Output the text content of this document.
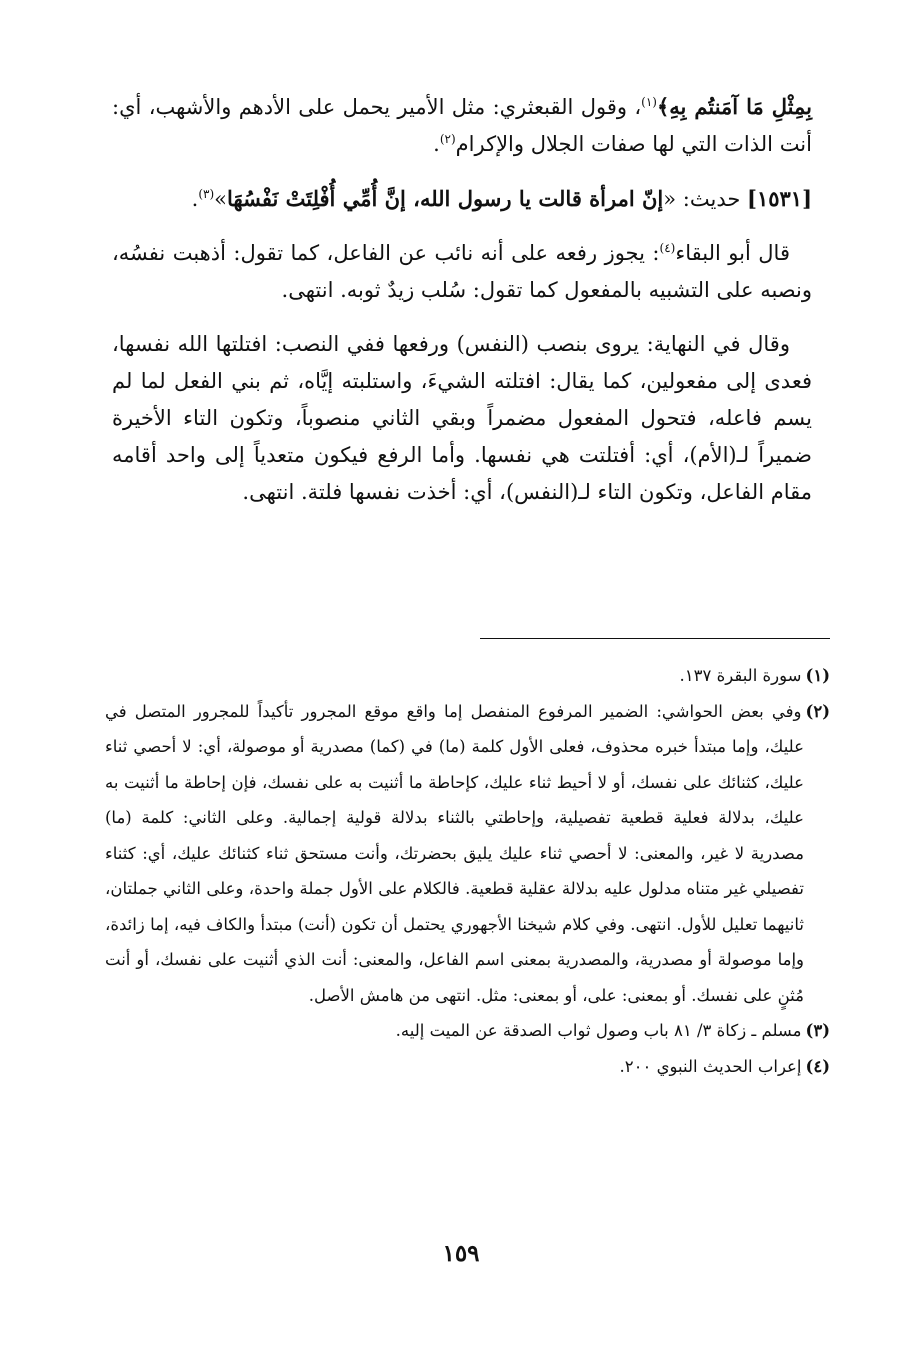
بِمِثْلِ مَا آمَنتُم بِهِ﴾$^{(١)}$، وقول القبعثري: مثل الأمير يحمل على الأدهم والأشهب، أي: أنت الذات التي لها صفات الجلال والإكرام$^{(٢)}$.

[١٥٣١] حديث: «إنّ امرأة قالت يا رسول الله، إنَّ أُمِّي أُفْلِتَتْ نَفْسُهَا»$^{(٣)}$.

قال أبو البقاء$^{(٤)}$: يجوز رفعه على أنه نائب عن الفاعل، كما تقول: أذهبت نفسُه، ونصبه على التشبيه بالمفعول كما تقول: سُلب زيدٌ ثوبه. انتهى.

وقال في النهاية: يروى بنصب (النفس) ورفعها ففي النصب: افتلتها الله نفسها، فعدى إلى مفعولين، كما يقال: افتلته الشيءَ، واستلبته إيَّاه، ثم بني الفعل لما لم يسم فاعله، فتحول المفعول مضمراً وبقي الثاني منصوباً، وتكون التاء الأخيرة ضميراً لـ(الأم)، أي: أفتلتت هي نفسها. وأما الرفع فيكون متعدياً إلى واحد أقامه مقام الفاعل، وتكون التاء لـ(النفس)، أي: أخذت نفسها فلتة. انتهى.

(١)سورة البقرة ١٣٧.

(٢)وفي بعض الحواشي: الضمير المرفوع المنفصل إما واقع موقع المجرور تأكيداً للمجرور المتصل في عليك، وإما مبتدأ خبره محذوف، فعلى الأول كلمة (ما) في (كما) مصدرية أو موصولة، أي: لا أحصي ثناء عليك، كثنائك على نفسك، أو لا أحيط ثناء عليك، كإحاطة ما أثنيت به على نفسك، فإن إحاطة ما أثنيت به عليك، بدلالة فعلية قطعية تفصيلية، وإحاطتي بالثناء بدلالة قولية إجمالية. وعلى الثاني: كلمة (ما) مصدرية لا غير، والمعنى: لا أحصي ثناء عليك يليق بحضرتك، وأنت مستحق ثناء كثنائك عليك، أي: كثناء تفصيلي غير متناه مدلول عليه بدلالة عقلية قطعية. فالكلام على الأول جملة واحدة، وعلى الثاني جملتان، ثانيهما تعليل للأول. انتهى. وفي كلام شيخنا الأجهوري يحتمل أن تكون (أنت) مبتدأ والكاف فيه، إما زائدة، وإما موصولة أو مصدرية، والمصدرية بمعنى اسم الفاعل، والمعنى: أنت الذي أثنيت على نفسك، أو أنت مُثنٍ على نفسك. أو بمعنى: على، أو بمعنى: مثل. انتهى من هامش الأصل.

(٣)مسلم ـ زكاة ٣/ ٨١ باب وصول ثواب الصدقة عن الميت إليه.

(٤)إعراب الحديث النبوي ٢٠٠.

١٥٩
